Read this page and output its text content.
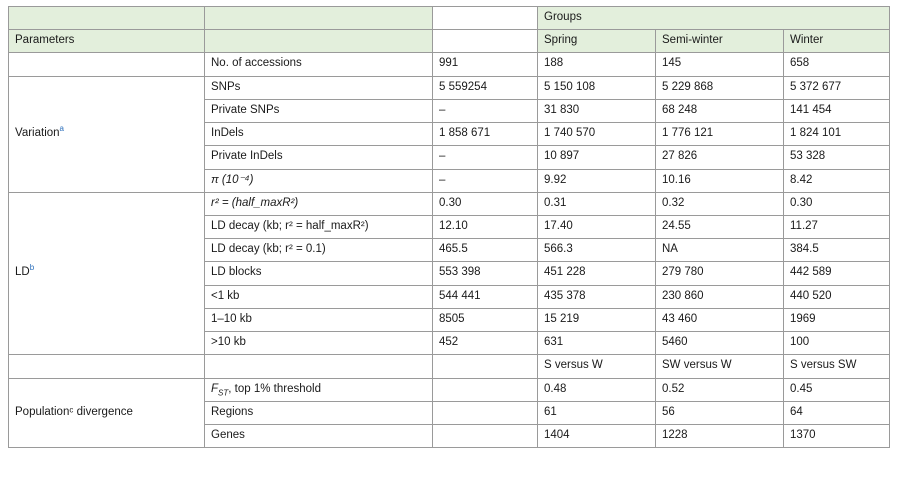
			Groups		
Parameters			Spring	Semi-winter	Winter
	No. of accessions	991	188	145	658
Variation$^a$	SNPs	5 559254	5 150 108	5 229 868	5 372 677
	Private SNPs	–	31 830	68 248	141 454
	InDels	1 858 671	1 740 570	1 776 121	1 824 101
	Private InDels	–	10 897	27 826	53 328
	π (10⁻⁴)	–	9.92	10.16	8.42
$LD^b$	r² = (half_maxR²)	0.30	0.31	0.32	0.30
	LD decay (kb; r² = half_maxR²)	12.10	17.40	24.55	11.27
	LD decay (kb; r² = 0.1)	465.5	566.3	NA	384.5
	LD blocks	553 398	451 228	279 780	442 589
	<1 kb	544 441	435 378	230 860	440 520
	1–10 kb	8505	15 219	43 460	1969
	>10 kb	452	631	5460	100
			S versus W	SW versus W	S versus SW
Populationᶜ divergence	$F_{ST}$, top 1% threshold		0.48	0.52	0.45
	Regions		61	56	64
	Genes		1404	1228	1370
